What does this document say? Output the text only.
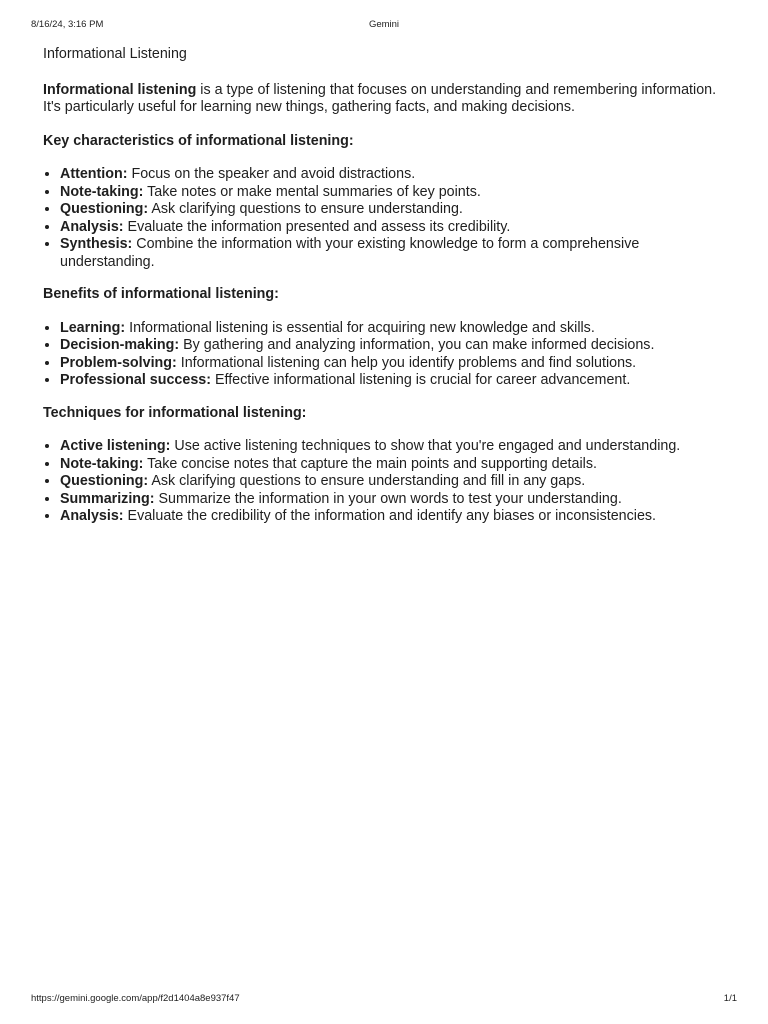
8/16/24, 3:16 PM	Gemini
Informational Listening

Informational listening is a type of listening that focuses on understanding and remembering information. It's particularly useful for learning new things, gathering facts, and making decisions.

Key characteristics of informational listening:
• Attention: Focus on the speaker and avoid distractions.
• Note-taking: Take notes or make mental summaries of key points.
• Questioning: Ask clarifying questions to ensure understanding.
• Analysis: Evaluate the information presented and assess its credibility.
• Synthesis: Combine the information with your existing knowledge to form a comprehensive understanding.
Benefits of informational listening:
• Learning: Informational listening is essential for acquiring new knowledge and skills.
• Decision-making: By gathering and analyzing information, you can make informed decisions.
• Problem-solving: Informational listening can help you identify problems and find solutions.
• Professional success: Effective informational listening is crucial for career advancement.
Techniques for informational listening:
• Active listening: Use active listening techniques to show that you're engaged and understanding.
• Note-taking: Take concise notes that capture the main points and supporting details.
• Questioning: Ask clarifying questions to ensure understanding and fill in any gaps.
• Summarizing: Summarize the information in your own words to test your understanding.
• Analysis: Evaluate the credibility of the information and identify any biases or inconsistencies.
https://gemini.google.com/app/f2d1404a8e937f47	1/1
